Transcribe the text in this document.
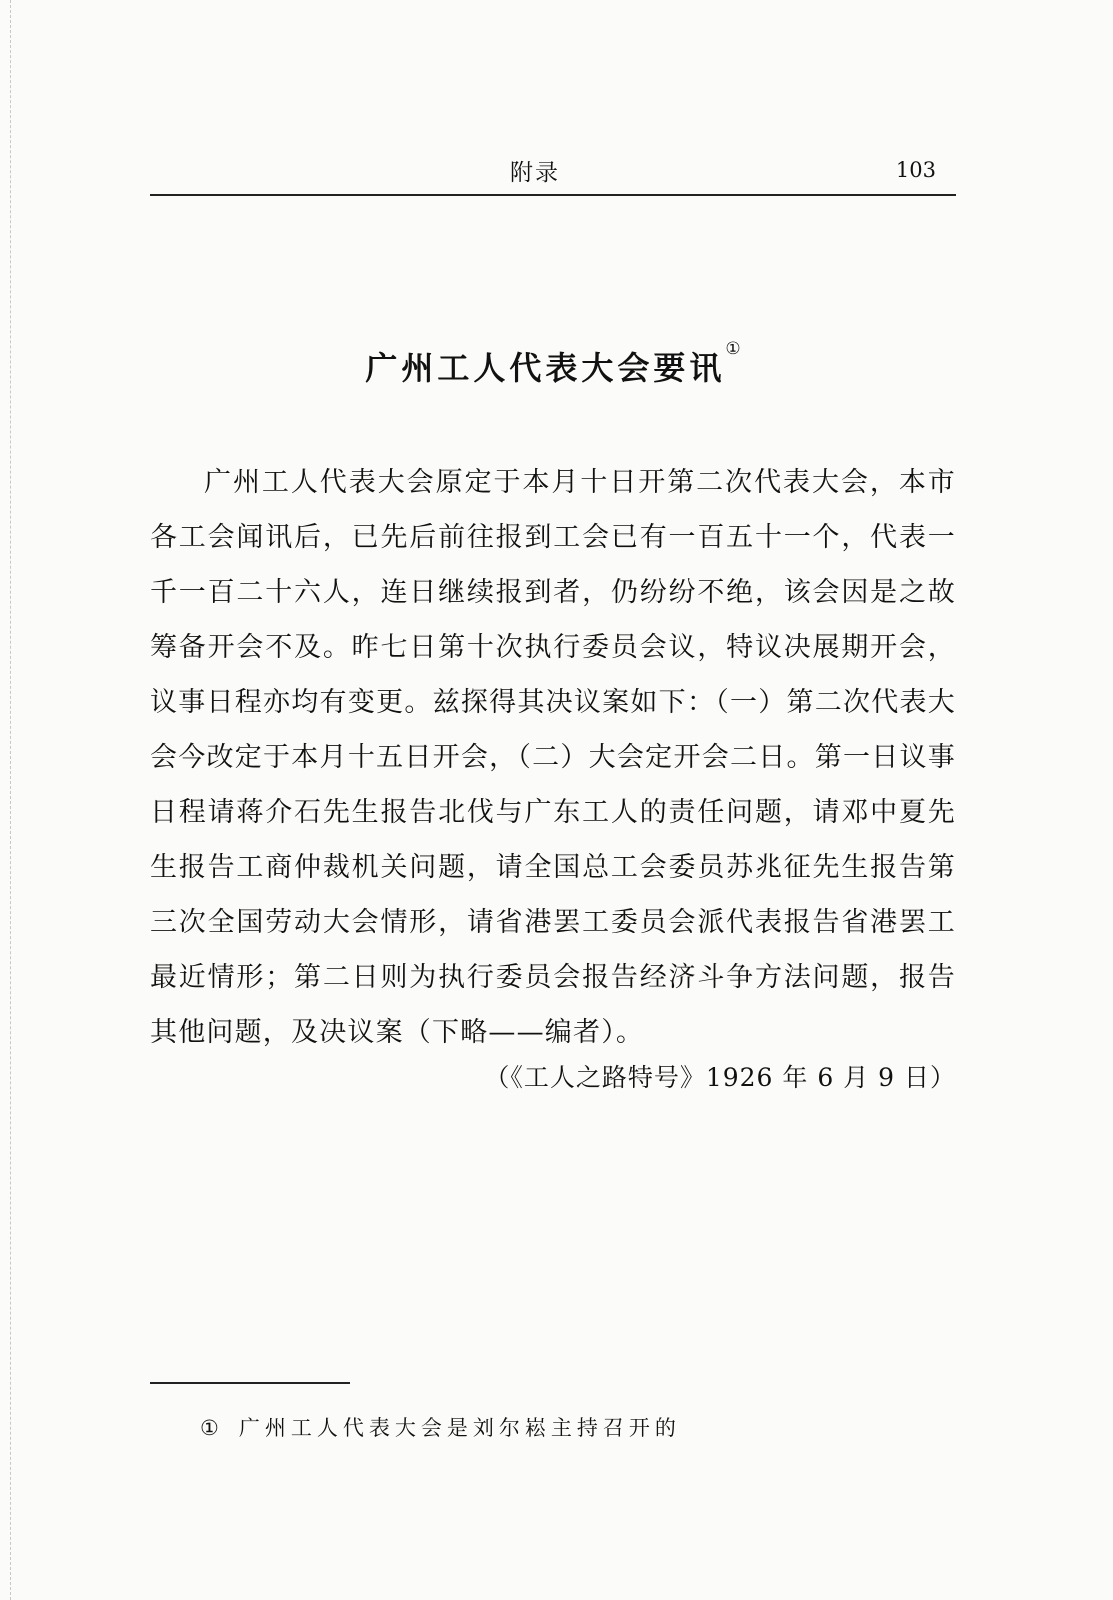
附录	103
广州工人代表大会要讯①

广州工人代表大会原定于本月十日开第二次代表大会，本市各工会闻讯后，已先后前往报到工会已有一百五十一个，代表一千一百二十六人，连日继续报到者，仍纷纷不绝，该会因是之故筹备开会不及。昨七日第十次执行委员会议，特议决展期开会，议事日程亦均有变更。兹探得其决议案如下：（一）第二次代表大会今改定于本月十五日开会，（二）大会定开会二日。第一日议事日程请蒋介石先生报告北伐与广东工人的责任问题，请邓中夏先生报告工商仲裁机关问题，请全国总工会委员苏兆征先生报告第三次全国劳动大会情形，请省港罢工委员会派代表报告省港罢工最近情形；第二日则为执行委员会报告经济斗争方法问题，报告其他问题，及决议案（下略——编者）。

（《工人之路特号》1926 年 6 月 9 日）
① 广州工人代表大会是刘尔崧主持召开的
